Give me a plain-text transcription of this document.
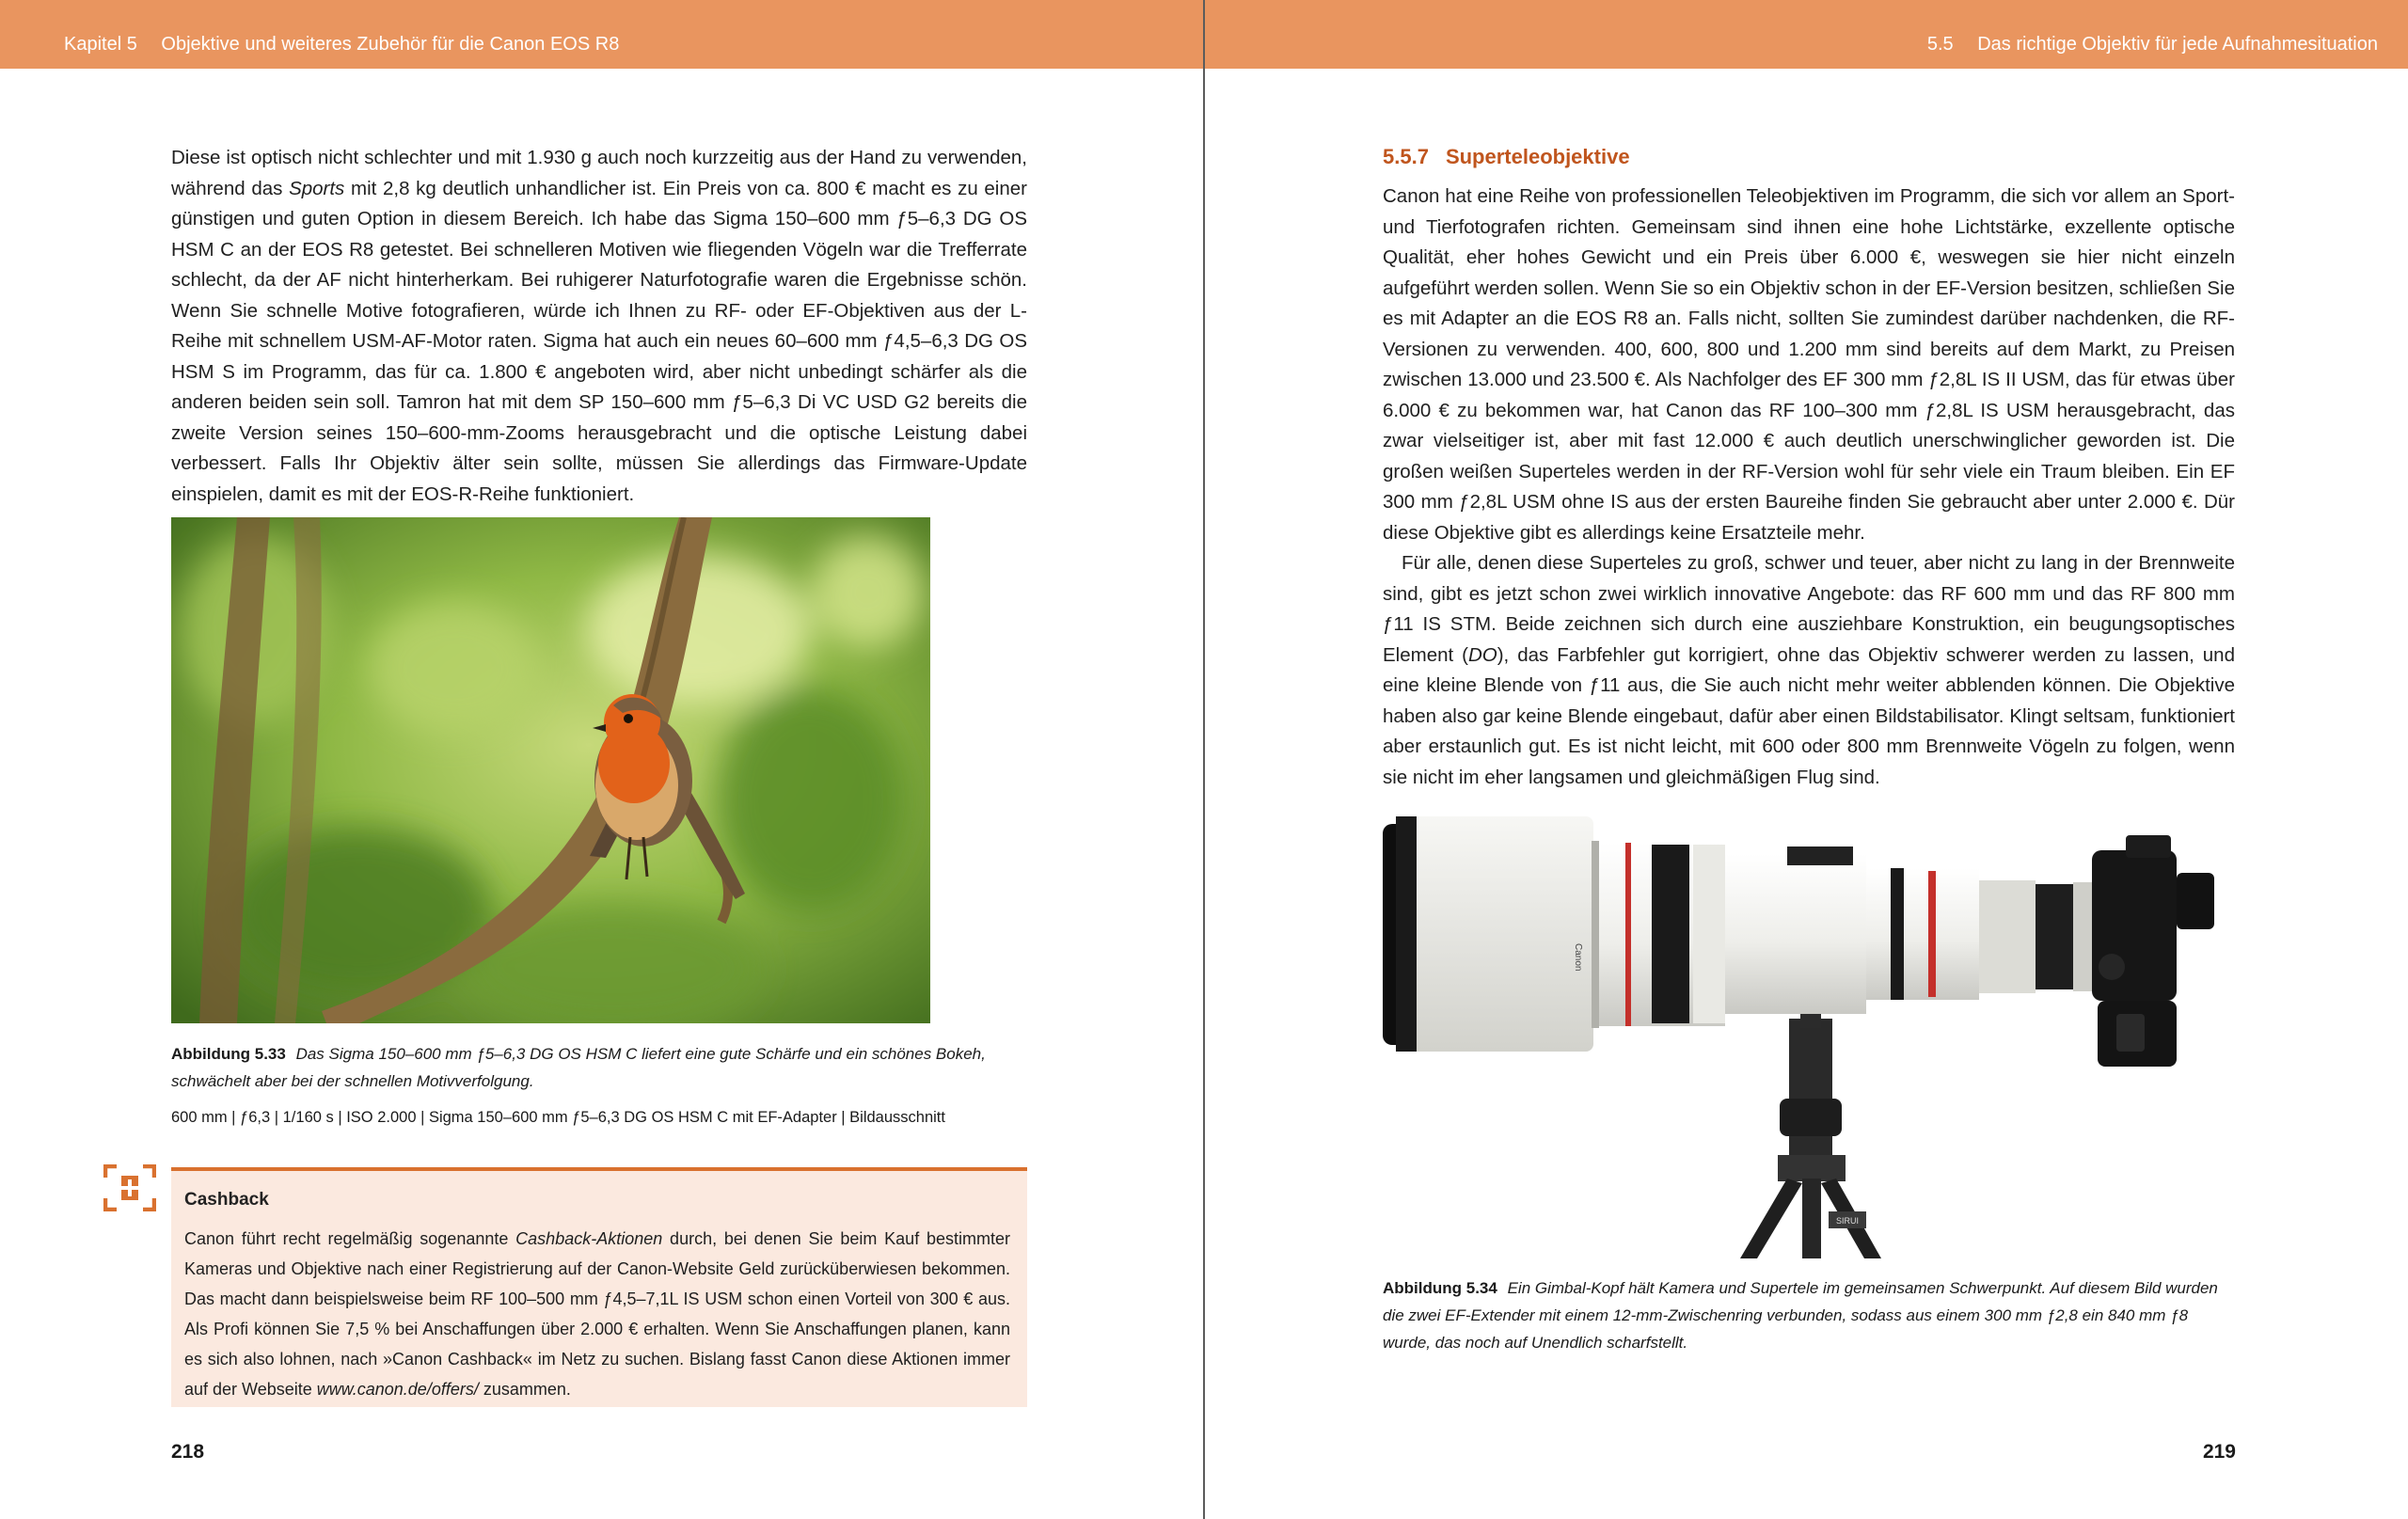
Kapitel 5 Objektive und weiteres Zubehör für die Canon EOS R8

Diese ist optisch nicht schlechter und mit 1.930 g auch noch kurzzeitig aus der Hand zu verwenden, während das Sports mit 2,8 kg deutlich unhandlicher ist. Ein Preis von ca. 800 € macht es zu einer günstigen und guten Option in diesem Bereich. Ich habe das Sigma 150–600 mm ƒ5–6,3 DG OS HSM C an der EOS R8 getestet. Bei schnelleren Motiven wie fliegenden Vögeln war die Trefferrate schlecht, da der AF nicht hinterherkam. Bei ruhigerer Naturfotografie waren die Ergebnisse schön. Wenn Sie schnelle Motive fotografieren, würde ich Ihnen zu RF- oder EF-Objektiven aus der L-Reihe mit schnellem USM-AF-Motor raten. Sigma hat auch ein neues 60–600 mm ƒ4,5–6,3 DG OS HSM S im Programm, das für ca. 1.800 € angeboten wird, aber nicht unbedingt schärfer als die anderen beiden sein soll. Tamron hat mit dem SP 150–600 mm ƒ5–6,3 Di VC USD G2 bereits die zweite Version seines 150–600-mm-Zooms herausgebracht und die optische Leistung dabei verbessert. Falls Ihr Objektiv älter sein sollte, müssen Sie allerdings das Firmware-Update einspielen, damit es mit der EOS-R-Reihe funktioniert.

Abbildung 5.33 Das Sigma 150–600 mm ƒ5–6,3 DG OS HSM C liefert eine gute Schärfe und ein schönes Bokeh, schwächelt aber bei der schnellen Motivverfolgung.
600 mm | ƒ6,3 | 1/160 s | ISO 2.000 | Sigma 150–600 mm ƒ5–6,3 DG OS HSM C mit EF-Adapter | Bildausschnitt
Cashback
Canon führt recht regelmäßig sogenannte Cashback-Aktionen durch, bei denen Sie beim Kauf bestimmter Kameras und Objektive nach einer Registrierung auf der Canon-Website Geld zurücküberwiesen bekommen. Das macht dann beispielsweise beim RF 100–500 mm ƒ4,5–7,1L IS USM schon einen Vorteil von 300 € aus. Als Profi können Sie 7,5 % bei Anschaffungen über 2.000 € erhalten. Wenn Sie Anschaffungen planen, kann es sich also lohnen, nach »Canon Cashback« im Netz zu suchen. Bislang fasst Canon diese Aktionen immer auf der Webseite www.canon.de/offers/ zusammen.
218
5.5 Das richtige Objektiv für jede Aufnahmesituation
5.5.7 Superteleobjektive

Canon hat eine Reihe von professionellen Teleobjektiven im Programm, die sich vor allem an Sport- und Tierfotografen richten. Gemeinsam sind ihnen eine hohe Lichtstärke, exzellente optische Qualität, eher hohes Gewicht und ein Preis über 6.000 €, weswegen sie hier nicht einzeln aufgeführt werden sollen. Wenn Sie so ein Objektiv schon in der EF-Version besitzen, schließen Sie es mit Adapter an die EOS R8 an. Falls nicht, sollten Sie zumindest darüber nachdenken, die RF-Versionen zu verwenden. 400, 600, 800 und 1.200 mm sind bereits auf dem Markt, zu Preisen zwischen 13.000 und 23.500 €. Als Nachfolger des EF 300 mm ƒ2,8L IS II USM, das für etwas über 6.000 € zu bekommen war, hat Canon das RF 100–300 mm ƒ2,8L IS USM herausgebracht, das zwar vielseitiger ist, aber mit fast 12.000 € auch deutlich unerschwinglicher geworden ist. Die großen weißen Superteles werden in der RF-Version wohl für sehr viele ein Traum bleiben. Ein EF 300 mm ƒ2,8L USM ohne IS aus der ersten Baureihe finden Sie gebraucht aber unter 2.000 €. Dür diese Objektive gibt es allerdings keine Ersatzteile mehr.

Für alle, denen diese Superteles zu groß, schwer und teuer, aber nicht zu lang in der Brennweite sind, gibt es jetzt schon zwei wirklich innovative Angebote: das RF 600 mm und das RF 800 mm ƒ11 IS STM. Beide zeichnen sich durch eine ausziehbare Konstruktion, ein beugungsoptisches Element (DO), das Farbfehler gut korrigiert, ohne das Objektiv schwerer werden zu lassen, und eine kleine Blende von ƒ11 aus, die Sie auch nicht mehr weiter abblenden können. Die Objektive haben also gar keine Blende eingebaut, dafür aber einen Bildstabilisator. Klingt seltsam, funktioniert aber erstaunlich gut. Es ist nicht leicht, mit 600 oder 800 mm Brennweite Vögeln zu folgen, wenn sie nicht im eher langsamen und gleichmäßigen Flug sind.

SIRUI
Canon
Abbildung 5.34 Ein Gimbal-Kopf hält Kamera und Supertele im gemeinsamen Schwerpunkt. Auf diesem Bild wurden die zwei EF-Extender mit einem 12-mm-Zwischenring verbunden, sodass aus einem 300 mm ƒ2,8 ein 840 mm ƒ8 wurde, das noch auf Unendlich scharfstellt.
219
